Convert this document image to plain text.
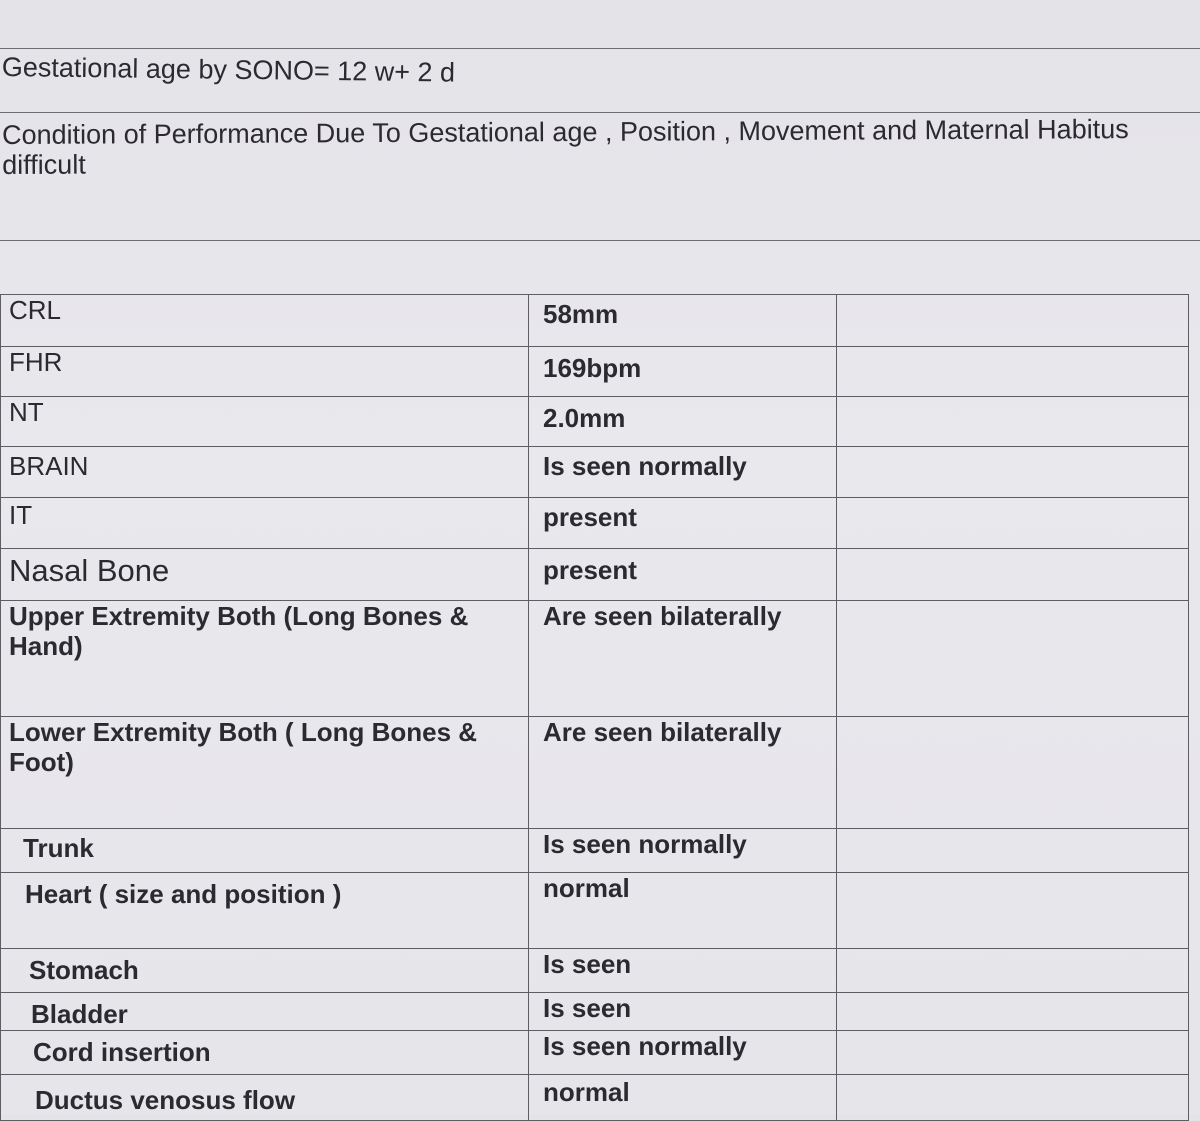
Gestational age by SONO= 12 w+ 2 d
Condition of Performance Due To Gestational age , Position , Movement and Maternal Habitus
difficult
CRL	58mm	

FHR	169bpm	

NT	2.0mm	

BRAIN	Is seen normally	

IT	present	

Nasal Bone	present	

Upper Extremity Both (Long Bones & Hand)	Are seen bilaterally	

Lower Extremity Both ( Long Bones & Foot)	Are seen bilaterally	

Trunk	Is seen normally	

Heart ( size and position )	normal	

Stomach	Is seen	

Bladder	Is seen	

Cord insertion	Is seen normally	

Ductus venosus flow	normal	
